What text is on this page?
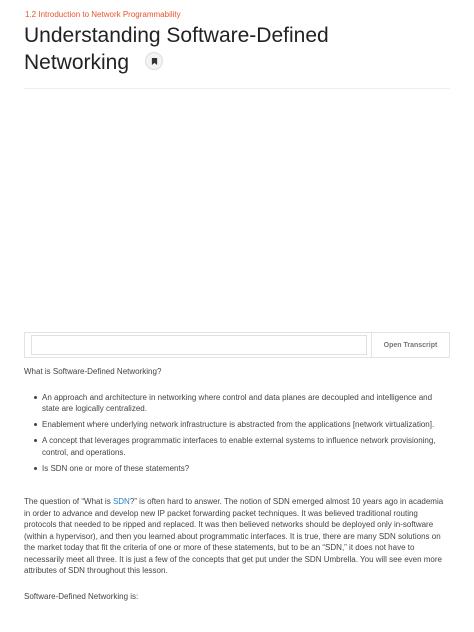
1.2 Introduction to Network Programmability
Understanding Software-Defined Networking
Open Transcript

What is Software-Defined Networking?

An approach and architecture in networking where control and data planes are decoupled and intelligence and state are logically centralized.
Enablement where underlying network infrastructure is abstracted from the applications [network virtualization].
A concept that leverages programmatic interfaces to enable external systems to influence network provisioning, control, and operations.
Is SDN one or more of these statements?

The question of “What is SDN?” is often hard to answer. The notion of SDN emerged almost 10 years ago in academia in order to advance and develop new IP packet forwarding packet techniques. It was believed traditional routing protocols that needed to be ripped and replaced. It was then believed networks should be deployed only in-software (within a hypervisor), and then you learned about programmatic interfaces. It is true, there are many SDN solutions on the market today that fit the criteria of one or more of these statements, but to be an “SDN,” it does not have to necessarily meet all three. It is just a few of the concepts that get put under the SDN Umbrella. You will see even more attributes of SDN throughout this lesson.

Software-Defined Networking is:
